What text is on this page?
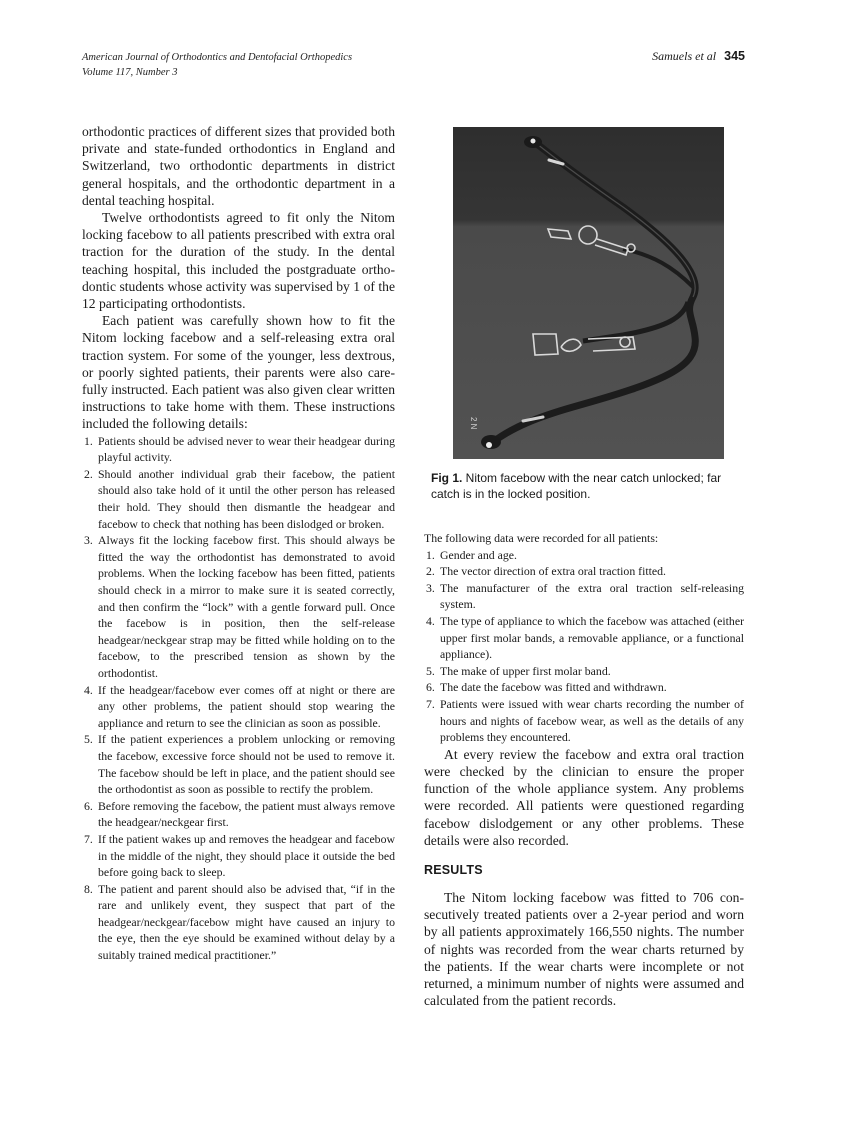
American Journal of Orthodontics and Dentofacial Orthopedics
Volume 117, Number 3
Samuels et al 345

orthodontic practices of different sizes that provided both private and state-funded orthodontics in England and Switzerland, two orthodontic departments in district general hospitals, and the orthodontic department in a dental teaching hospital.

Twelve orthodontists agreed to fit only the Nitom locking facebow to all patients prescribed with extra oral traction for the duration of the study. In the dental teaching hospital, this included the postgraduate orthodontic students whose activity was supervised by 1 of the 12 participating orthodontists.

Each patient was carefully shown how to fit the Nitom locking facebow and a self-releasing extra oral traction system. For some of the younger, less dextrous, or poorly sighted patients, their parents were also carefully instructed. Each patient was also given clear written instructions to take home with them. These instructions included the following details:

1. Patients should be advised never to wear their headgear during playful activity.
2. Should another individual grab their facebow, the patient should also take hold of it until the other person has released their hold. They should then dismantle the headgear and facebow to check that nothing has been dislodged or broken.
3. Always fit the locking facebow first. This should always be fitted the way the orthodontist has demonstrated to avoid problems. When the locking facebow has been fitted, patients should check in a mirror to make sure it is seated correctly, and then confirm the “lock” with a gentle forward pull. Once the facebow is in position, then the self-release headgear/neckgear strap may be fitted while holding on to the facebow, to the prescribed tension as shown by the orthodontist.
4. If the headgear/facebow ever comes off at night or there are any other problems, the patient should stop wearing the appliance and return to see the clinician as soon as possible.
5. If the patient experiences a problem unlocking or removing the facebow, excessive force should not be used to remove it. The facebow should be left in place, and the patient should see the orthodontist as soon as possible to rectify the problem.
6. Before removing the facebow, the patient must always remove the headgear/neckgear first.
7. If the patient wakes up and removes the headgear and facebow in the middle of the night, they should place it outside the bed before going back to sleep.
8. The patient and parent should also be advised that, “if in the rare and unlikely event, they suspect that part of the headgear/neckgear/facebow might have caused an injury to the eye, then the eye should be examined without delay by a suitably trained medical practitioner.”
2 N
Fig 1. Nitom facebow with the near catch unlocked; far catch is in the locked position.

The following data were recorded for all patients:

1. Gender and age.
2. The vector direction of extra oral traction fitted.
3. The manufacturer of the extra oral traction self-releasing system.
4. The type of appliance to which the facebow was attached (either upper first molar bands, a removable appliance, or a functional appliance).
5. The make of upper first molar band.
6. The date the facebow was fitted and withdrawn.
7. Patients were issued with wear charts recording the number of hours and nights of facebow wear, as well as the details of any problems they encountered.

At every review the facebow and extra oral traction were checked by the clinician to ensure the proper function of the whole appliance system. Any problems were recorded. All patients were questioned regarding facebow dislodgement or any other problems. These details were also recorded.

RESULTS

The Nitom locking facebow was fitted to 706 consecutively treated patients over a 2-year period and worn by all patients approximately 166,550 nights. The number of nights was recorded from the wear charts returned by the patients. If the wear charts were incomplete or not returned, a minimum number of nights were assumed and calculated from the patient records.
